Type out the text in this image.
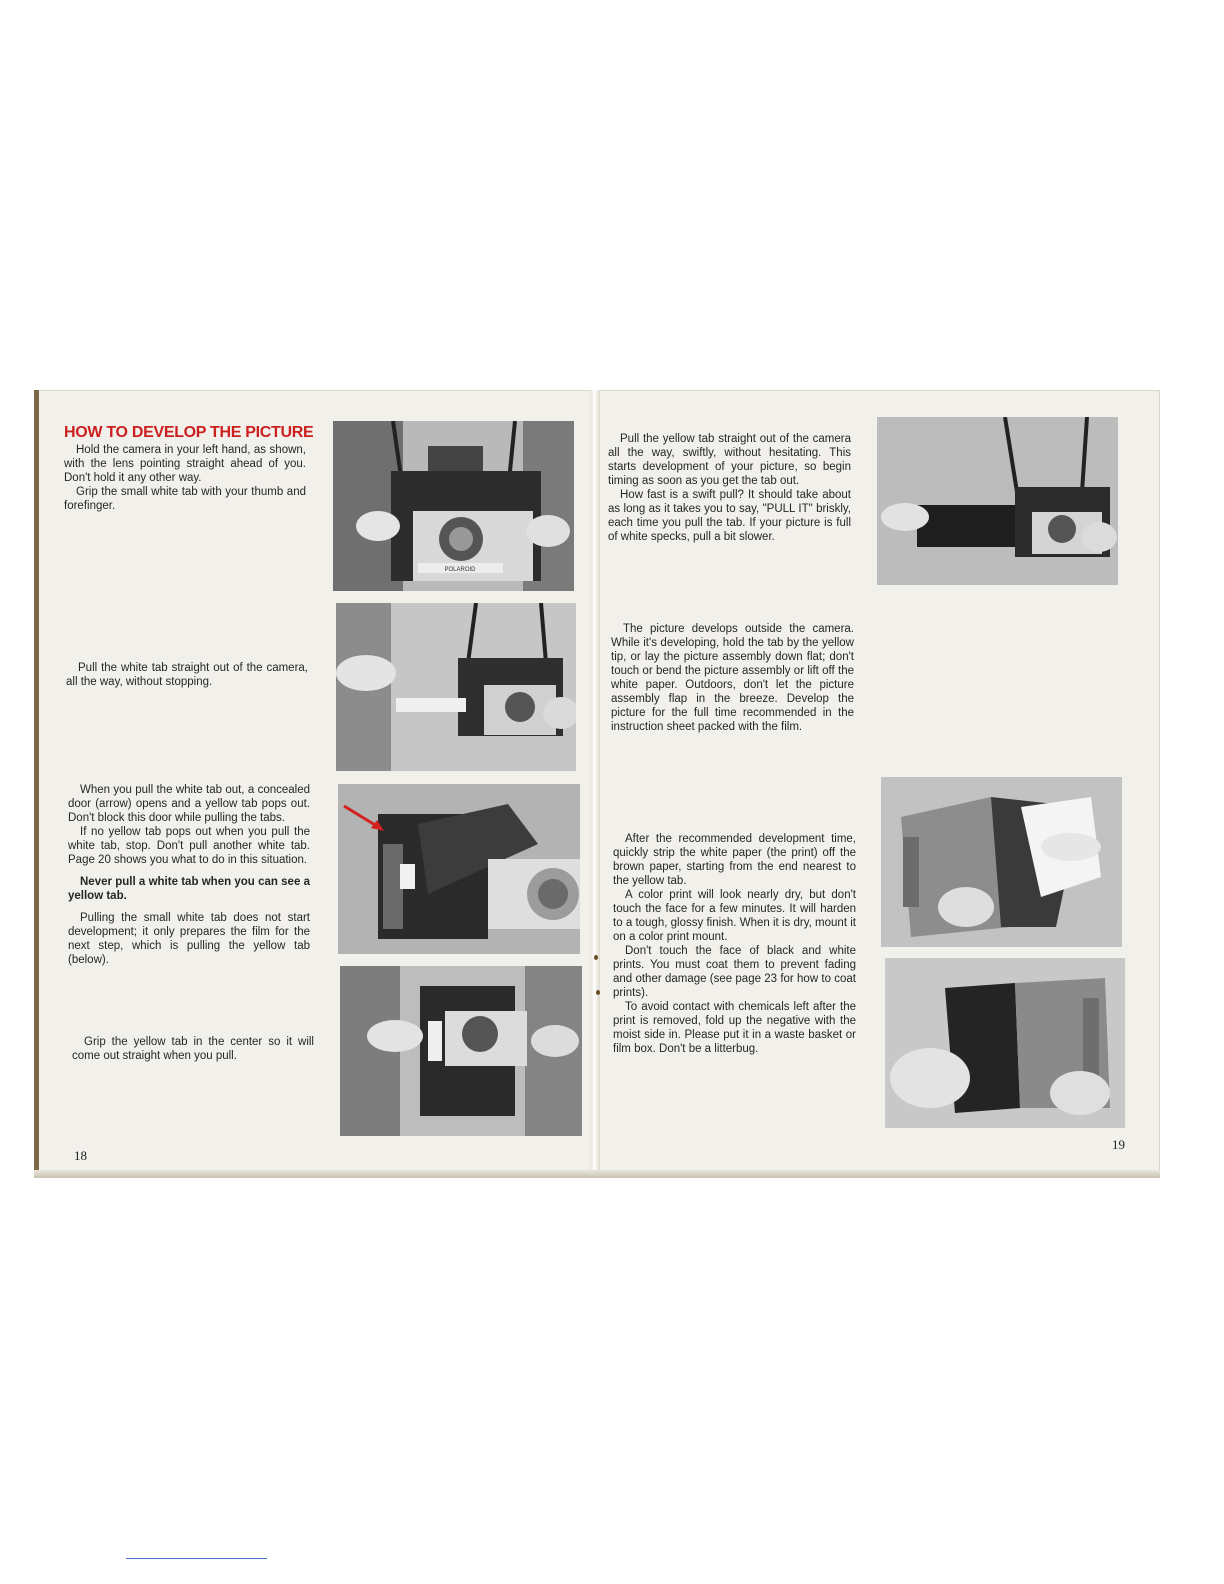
HOW TO DEVELOP THE PICTURE

Hold the camera in your left hand, as shown, with the lens pointing straight ahead of you. Don't hold it any other way.

Grip the small white tab with your thumb and forefinger.

Pull the white tab straight out of the camera, all the way, without stopping.

When you pull the white tab out, a concealed door (arrow) opens and a yellow tab pops out. Don't block this door while pulling the tabs.

If no yellow tab pops out when you pull the white tab, stop. Don't pull another white tab. Page 20 shows you what to do in this situation.

Never pull a white tab when you can see a yellow tab.

Pulling the small white tab does not start development; it only prepares the film for the next step, which is pulling the yellow tab (below).

Grip the yellow tab in the center so it will come out straight when you pull.

18
POLAROID

Pull the yellow tab straight out of the camera all the way, swiftly, without hesitating. This starts development of your picture, so begin timing as soon as you get the tab out.

How fast is a swift pull? It should take about as long as it takes you to say, "PULL IT" briskly, each time you pull the tab. If your picture is full of white specks, pull a bit slower.

The picture develops outside the camera. While it's developing, hold the tab by the yellow tip, or lay the picture assembly down flat; don't touch or bend the picture assembly or lift off the white paper. Outdoors, don't let the picture assembly flap in the breeze. Develop the picture for the full time recommended in the instruction sheet packed with the film.

After the recommended development time, quickly strip the white paper (the print) off the brown paper, starting from the end nearest to the yellow tab.

A color print will look nearly dry, but don't touch the face for a few minutes. It will harden to a tough, glossy finish. When it is dry, mount it on a color print mount.

Don't touch the face of black and white prints. You must coat them to prevent fading and other damage (see page 23 for how to coat prints).

To avoid contact with chemicals left after the print is removed, fold up the negative with the moist side in. Please put it in a waste basket or film box. Don't be a litterbug.

19
